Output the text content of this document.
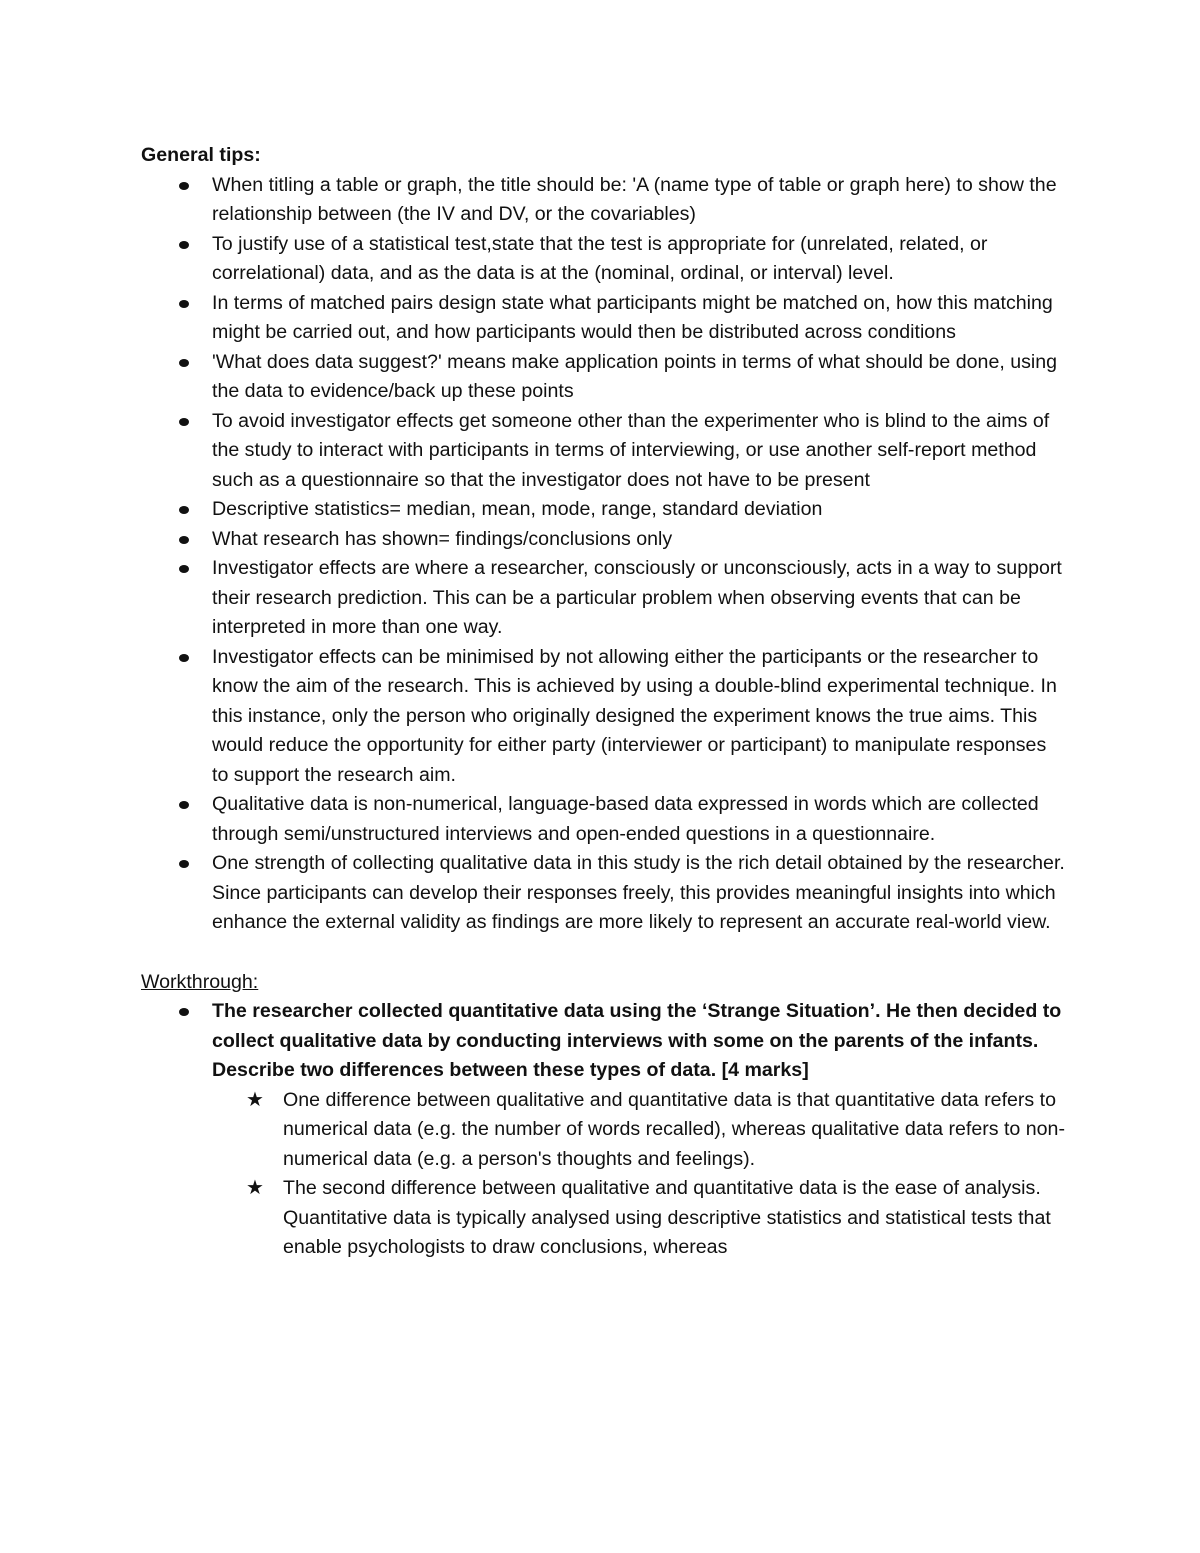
General tips:

When titling a table or graph, the title should be: 'A (name type of table or graph here) to show the relationship between (the IV and DV, or the covariables)
To justify use of a statistical test,state that the test is appropriate for (unrelated, related, or correlational) data, and as the data is at the (nominal, ordinal, or interval) level.
In terms of matched pairs design state what participants might be matched on, how this matching might be carried out, and how participants would then be distributed across conditions
'What does data suggest?' means make application points in terms of what should be done, using the data to evidence/back up these points
To avoid investigator effects get someone other than the experimenter who is blind to the aims of the study to interact with participants in terms of interviewing, or use another self-report method such as a questionnaire so that the investigator does not have to be present
Descriptive statistics= median, mean, mode, range, standard deviation
What research has shown= findings/conclusions only
Investigator effects are where a researcher, consciously or unconsciously, acts in a way to support their research prediction. This can be a particular problem when observing events that can be interpreted in more than one way.
Investigator effects can be minimised by not allowing either the participants or the researcher to know the aim of the research. This is achieved by using a double-blind experimental technique. In this instance, only the person who originally designed the experiment knows the true aims. This would reduce the opportunity for either party (interviewer or participant) to manipulate responses to support the research aim.
Qualitative data is non-numerical, language-based data expressed in words which are collected through semi/unstructured interviews and open-ended questions in a questionnaire.
One strength of collecting qualitative data in this study is the rich detail obtained by the researcher. Since participants can develop their responses freely, this provides meaningful insights into which enhance the external validity as findings are more likely to represent an accurate real-world view.

Workthrough:

The researcher collected quantitative data using the ‘Strange Situation’. He then decided to collect qualitative data by conducting interviews with some on the parents of the infants. Describe two differences between these types of data. [4 marks]
★ One difference between qualitative and quantitative data is that quantitative data refers to numerical data (e.g. the number of words recalled), whereas qualitative data refers to non-numerical data (e.g. a person's thoughts and feelings).
★ The second difference between qualitative and quantitative data is the ease of analysis. Quantitative data is typically analysed using descriptive statistics and statistical tests that enable psychologists to draw conclusions, whereas
